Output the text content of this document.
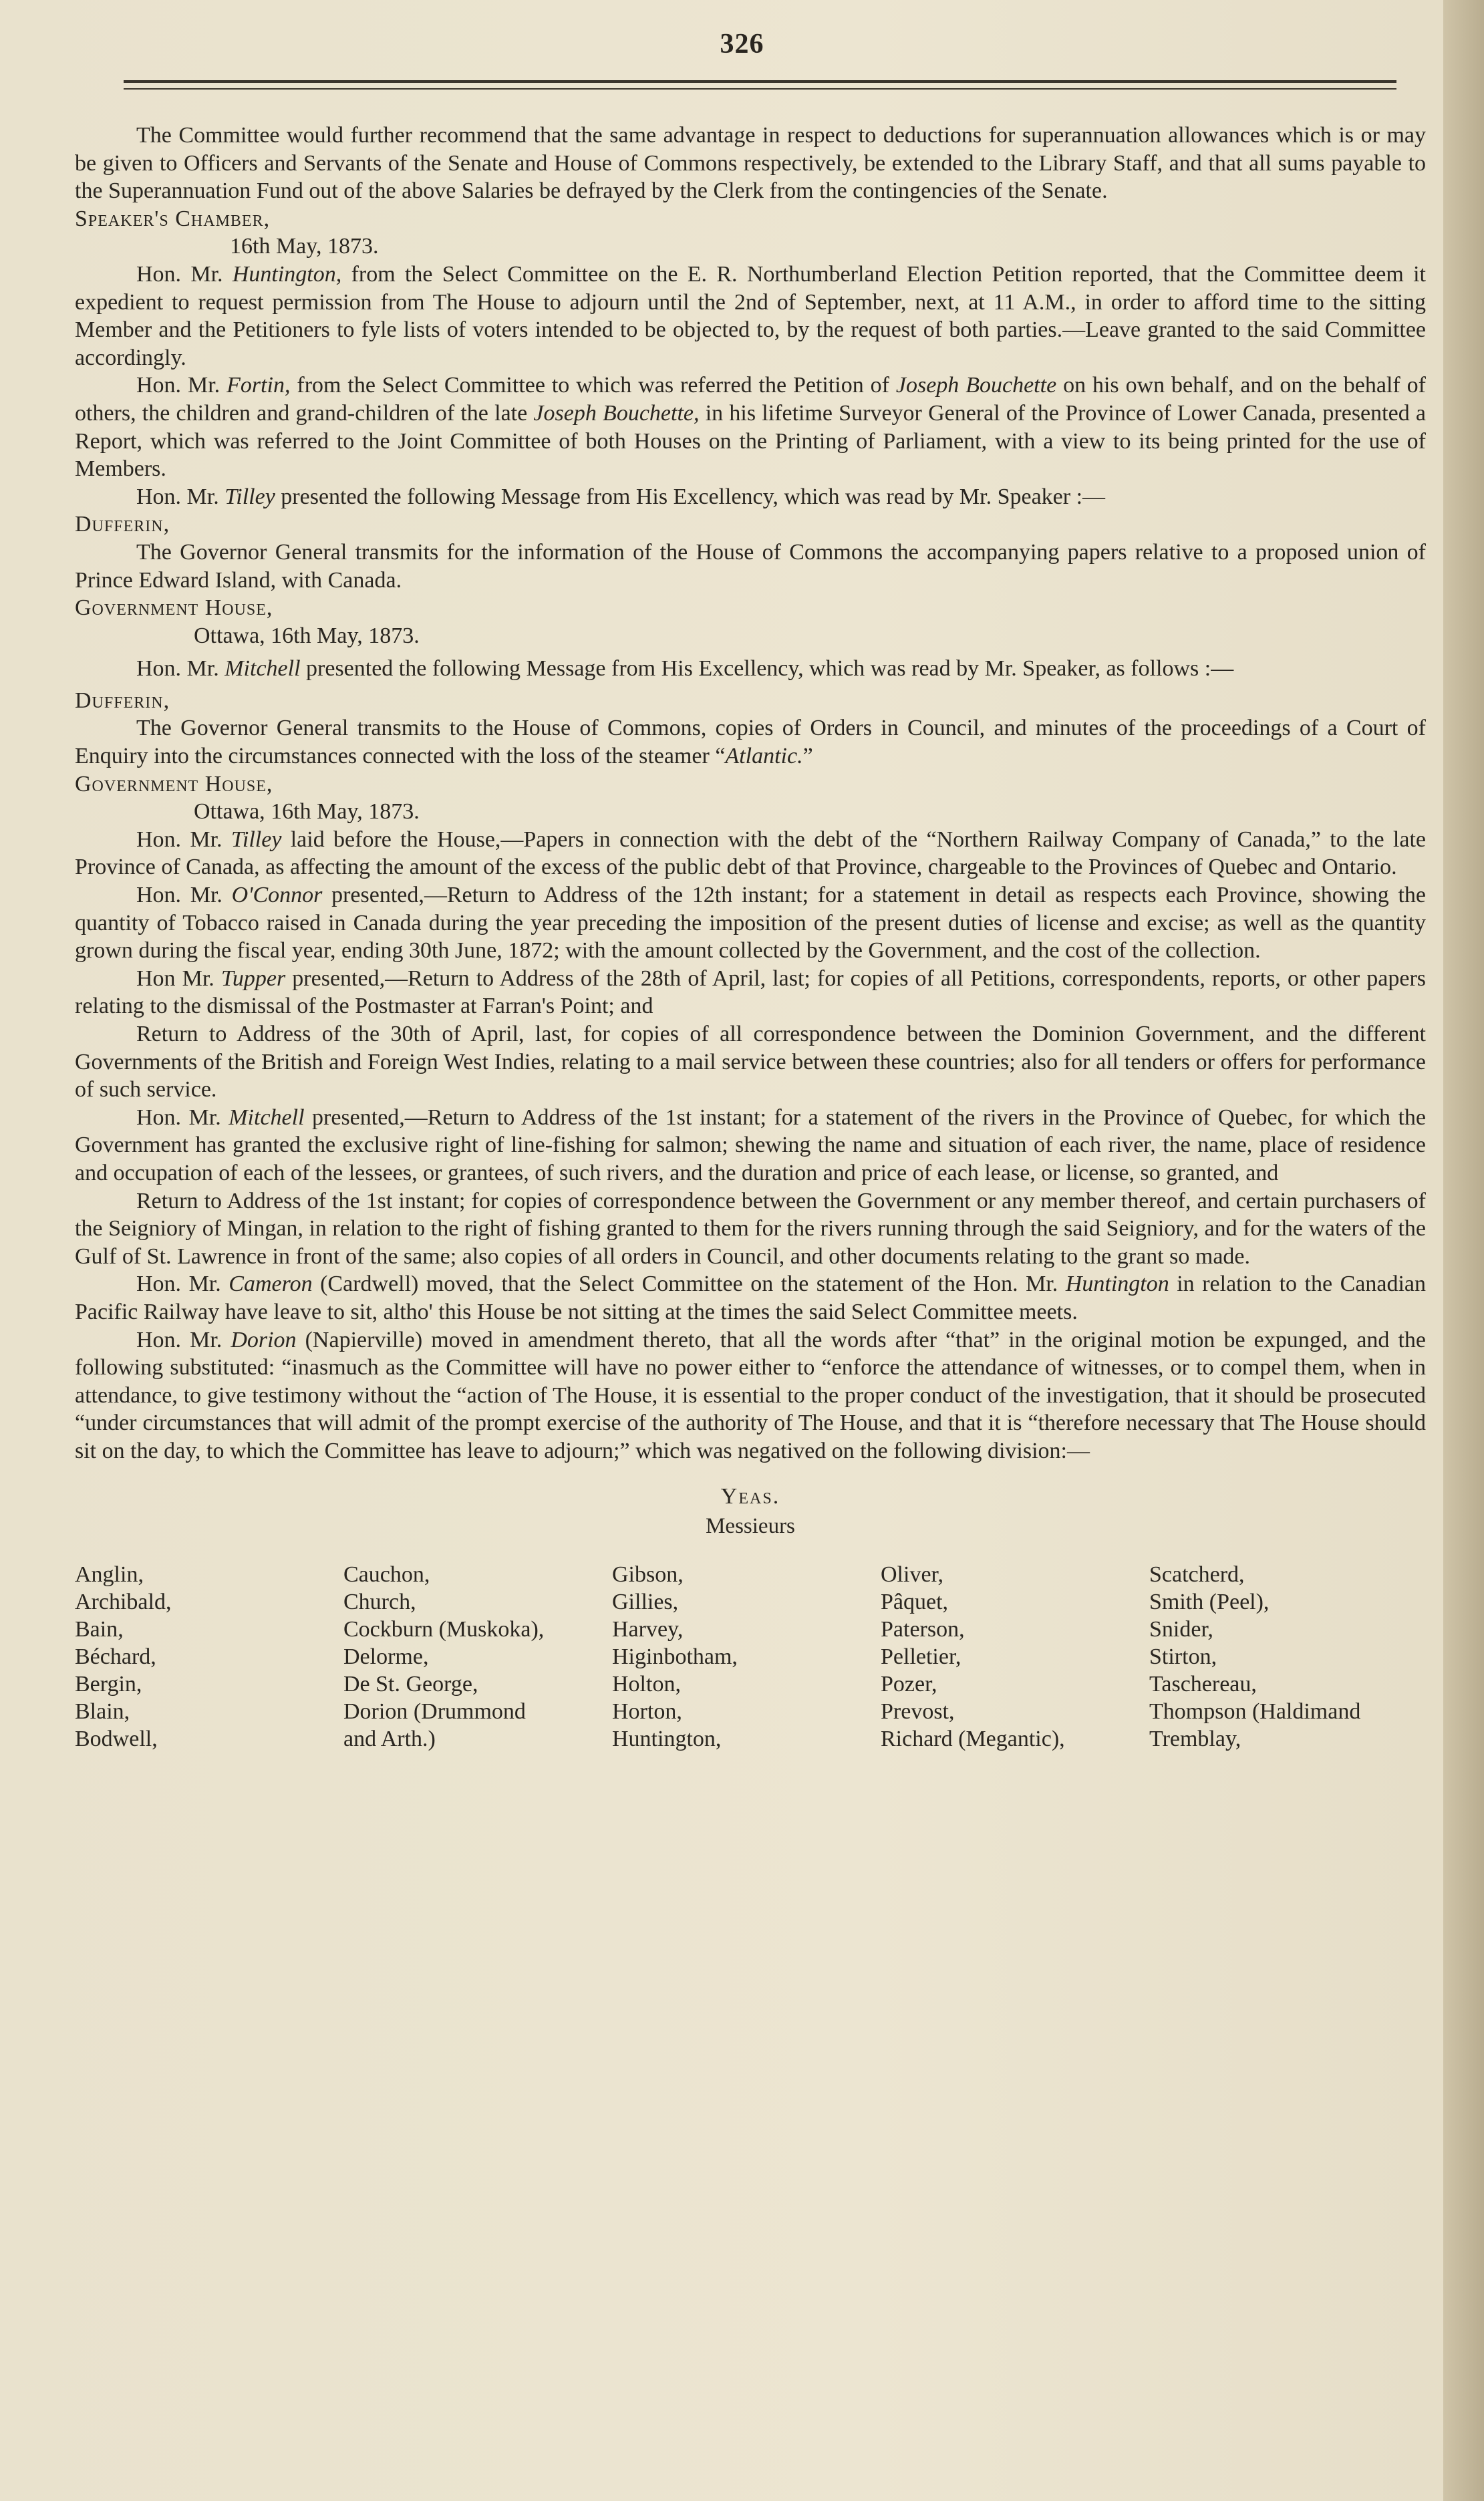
326

The Committee would further recommend that the same advantage in respect to deductions for superannuation allowances which is or may be given to Officers and Servants of the Senate and House of Commons respectively, be extended to the Library Staff, and that all sums payable to the Superannuation Fund out of the above Salaries be defrayed by the Clerk from the contingencies of the Senate.

Speaker's Chamber,

16th May, 1873.

Hon. Mr. Huntington, from the Select Committee on the E. R. Northumberland Election Petition reported, that the Committee deem it expedient to request permission from The House to adjourn until the 2nd of September, next, at 11 A.M., in order to afford time to the sitting Member and the Petitioners to fyle lists of voters intended to be objected to, by the request of both parties.—Leave granted to the said Committee accordingly.

Hon. Mr. Fortin, from the Select Committee to which was referred the Petition of Joseph Bouchette on his own behalf, and on the behalf of others, the children and grand-children of the late Joseph Bouchette, in his lifetime Surveyor General of the Province of Lower Canada, presented a Report, which was referred to the Joint Committee of both Houses on the Printing of Parliament, with a view to its being printed for the use of Members.

Hon. Mr. Tilley presented the following Message from His Excellency, which was read by Mr. Speaker :—

Dufferin,

The Governor General transmits for the information of the House of Commons the accompanying papers relative to a proposed union of Prince Edward Island, with Canada.

Government House,

Ottawa, 16th May, 1873.

Hon. Mr. Mitchell presented the following Message from His Excellency, which was read by Mr. Speaker, as follows :—

Dufferin,

The Governor General transmits to the House of Commons, copies of Orders in Council, and minutes of the proceedings of a Court of Enquiry into the circumstances connected with the loss of the steamer “Atlantic.”

Government House,

Ottawa, 16th May, 1873.

Hon. Mr. Tilley laid before the House,—Papers in connection with the debt of the “Northern Railway Company of Canada,” to the late Province of Canada, as affecting the amount of the excess of the public debt of that Province, chargeable to the Provinces of Quebec and Ontario.

Hon. Mr. O'Connor presented,—Return to Address of the 12th instant; for a statement in detail as respects each Province, showing the quantity of Tobacco raised in Canada during the year preceding the imposition of the present duties of license and excise; as well as the quantity grown during the fiscal year, ending 30th June, 1872; with the amount collected by the Government, and the cost of the collection.

Hon Mr. Tupper presented,—Return to Address of the 28th of April, last; for copies of all Petitions, correspondents, reports, or other papers relating to the dismissal of the Postmaster at Farran's Point; and

Return to Address of the 30th of April, last, for copies of all correspondence between the Dominion Government, and the different Governments of the British and Foreign West Indies, relating to a mail service between these countries; also for all tenders or offers for performance of such service.

Hon. Mr. Mitchell presented,—Return to Address of the 1st instant; for a statement of the rivers in the Province of Quebec, for which the Government has granted the exclusive right of line-fishing for salmon; shewing the name and situation of each river, the name, place of residence and occupation of each of the lessees, or grantees, of such rivers, and the duration and price of each lease, or license, so granted, and

Return to Address of the 1st instant; for copies of correspondence between the Government or any member thereof, and certain purchasers of the Seigniory of Mingan, in relation to the right of fishing granted to them for the rivers running through the said Seigniory, and for the waters of the Gulf of St. Lawrence in front of the same; also copies of all orders in Council, and other documents relating to the grant so made.

Hon. Mr. Cameron (Cardwell) moved, that the Select Committee on the statement of the Hon. Mr. Huntington in relation to the Canadian Pacific Railway have leave to sit, altho' this House be not sitting at the times the said Select Committee meets.

Hon. Mr. Dorion (Napierville) moved in amendment thereto, that all the words after “that” in the original motion be expunged, and the following substituted: “inasmuch as the Committee will have no power either to “enforce the attendance of witnesses, or to compel them, when in attendance, to give testimony without the “action of The House, it is essential to the proper conduct of the investigation, that it should be prosecuted “under circumstances that will admit of the prompt exercise of the authority of The House, and that it is “therefore necessary that The House should sit on the day, to which the Committee has leave to adjourn;” which was negatived on the following division:—

Yeas.

Messieurs

Anglin,	Cauchon,	Gibson,	Oliver,	Scatcherd,
Archibald,	Church,	Gillies,	Pâquet,	Smith (Peel),
Bain,	Cockburn (Muskoka),	Harvey,	Paterson,	Snider,
Béchard,	Delorme,	Higinbotham,	Pelletier,	Stirton,
Bergin,	De St. George,	Holton,	Pozer,	Taschereau,
Blain,	Dorion (Drummond	Horton,	Prevost,	Thompson (Haldimand
Bodwell,	and Arth.)	Huntington,	Richard (Megantic),	Tremblay,
